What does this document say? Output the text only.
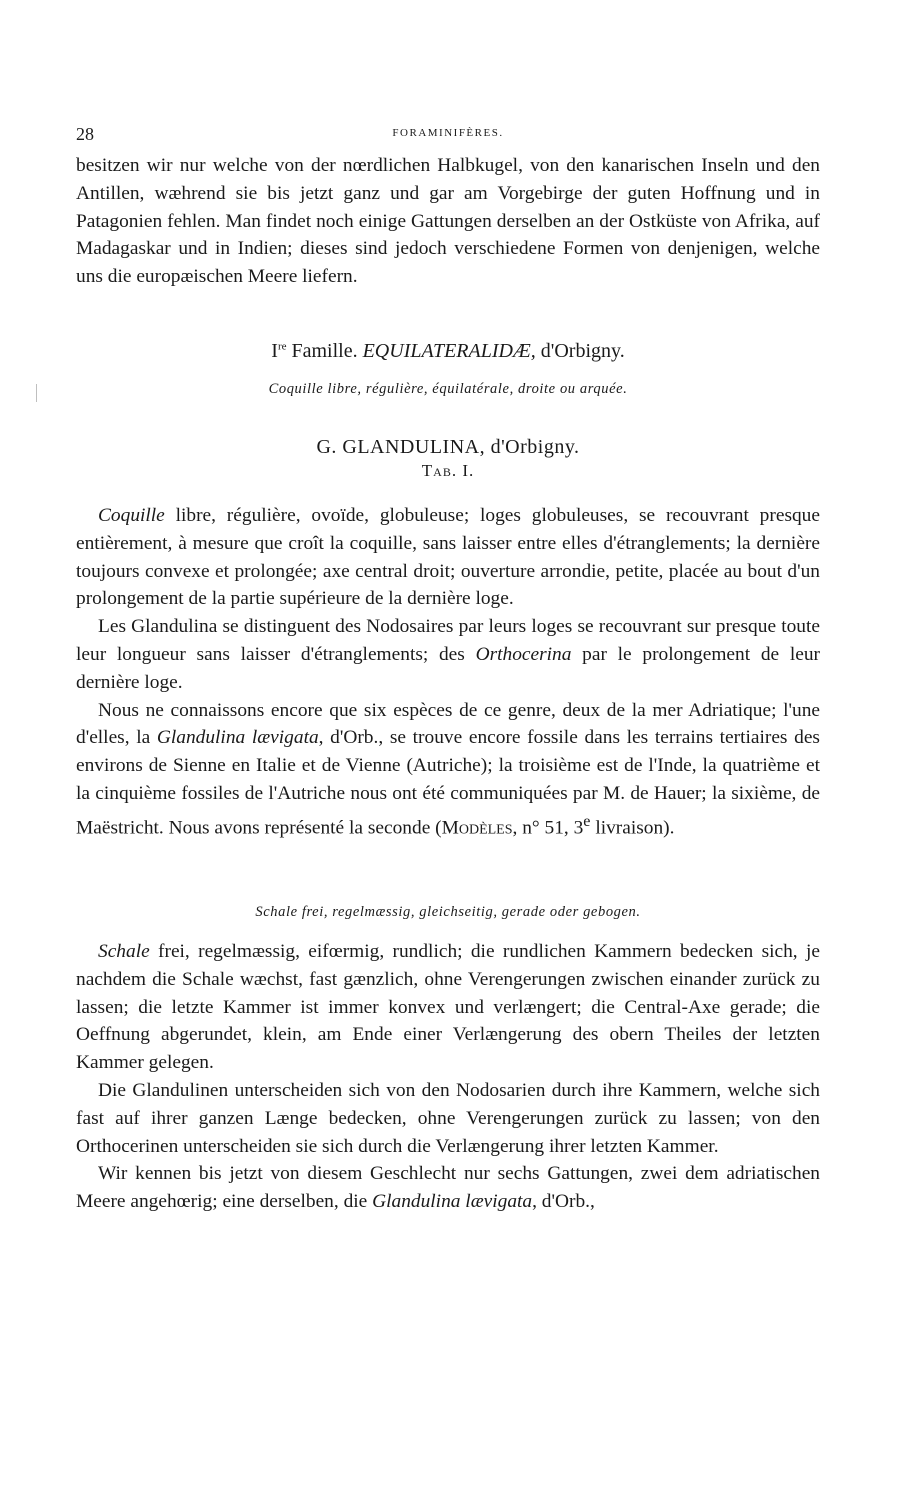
28	FORAMINIFÈRES.

besitzen wir nur welche von der nœrdlichen Halbkugel, von den kanarischen Inseln und den Antillen, wæhrend sie bis jetzt ganz und gar am Vorgebirge der guten Hoffnung und in Patagonien fehlen. Man findet noch einige Gattungen derselben an der Ostküste von Afrika, auf Madagaskar und in Indien; dieses sind jedoch verschiedene Formen von denjenigen, welche uns die europæischen Meere liefern.

Ire Famille. EQUILATERALIDÆ, d'Orbigny.
Coquille libre, régulière, équilatérale, droite ou arquée.
G. GLANDULINA, d'Orbigny.
Tab. I.

Coquille libre, régulière, ovoïde, globuleuse; loges globuleuses, se recouvrant presque entièrement, à mesure que croît la coquille, sans laisser entre elles d'étranglements; la dernière toujours convexe et prolongée; axe central droit; ouverture arrondie, petite, placée au bout d'un prolongement de la partie supérieure de la dernière loge.

Les Glandulina se distinguent des Nodosaires par leurs loges se recouvrant sur presque toute leur longueur sans laisser d'étranglements; des Orthocerina par le prolongement de leur dernière loge.

Nous ne connaissons encore que six espèces de ce genre, deux de la mer Adriatique; l'une d'elles, la Glandulina lævigata, d'Orb., se trouve encore fossile dans les terrains tertiaires des environs de Sienne en Italie et de Vienne (Autriche); la troisième est de l'Inde, la quatrième et la cinquième fossiles de l'Autriche nous ont été communiquées par M. de Hauer; la sixième, de Maëstricht. Nous avons représenté la seconde (Modèles, n° 51, 3e livraison).

Schale frei, regelmæssig, gleichseitig, gerade oder gebogen.

Schale frei, regelmæssig, eifœrmig, rundlich; die rundlichen Kammern bedecken sich, je nachdem die Schale wæchst, fast gænzlich, ohne Verengerungen zwischen einander zurück zu lassen; die letzte Kammer ist immer konvex und verlængert; die Central-Axe gerade; die Oeffnung abgerundet, klein, am Ende einer Verlængerung des obern Theiles der letzten Kammer gelegen.

Die Glandulinen unterscheiden sich von den Nodosarien durch ihre Kammern, welche sich fast auf ihrer ganzen Længe bedecken, ohne Verengerungen zurück zu lassen; von den Orthocerinen unterscheiden sie sich durch die Verlængerung ihrer letzten Kammer.

Wir kennen bis jetzt von diesem Geschlecht nur sechs Gattungen, zwei dem adriatischen Meere angehœrig; eine derselben, die Glandulina lævigata, d'Orb.,
